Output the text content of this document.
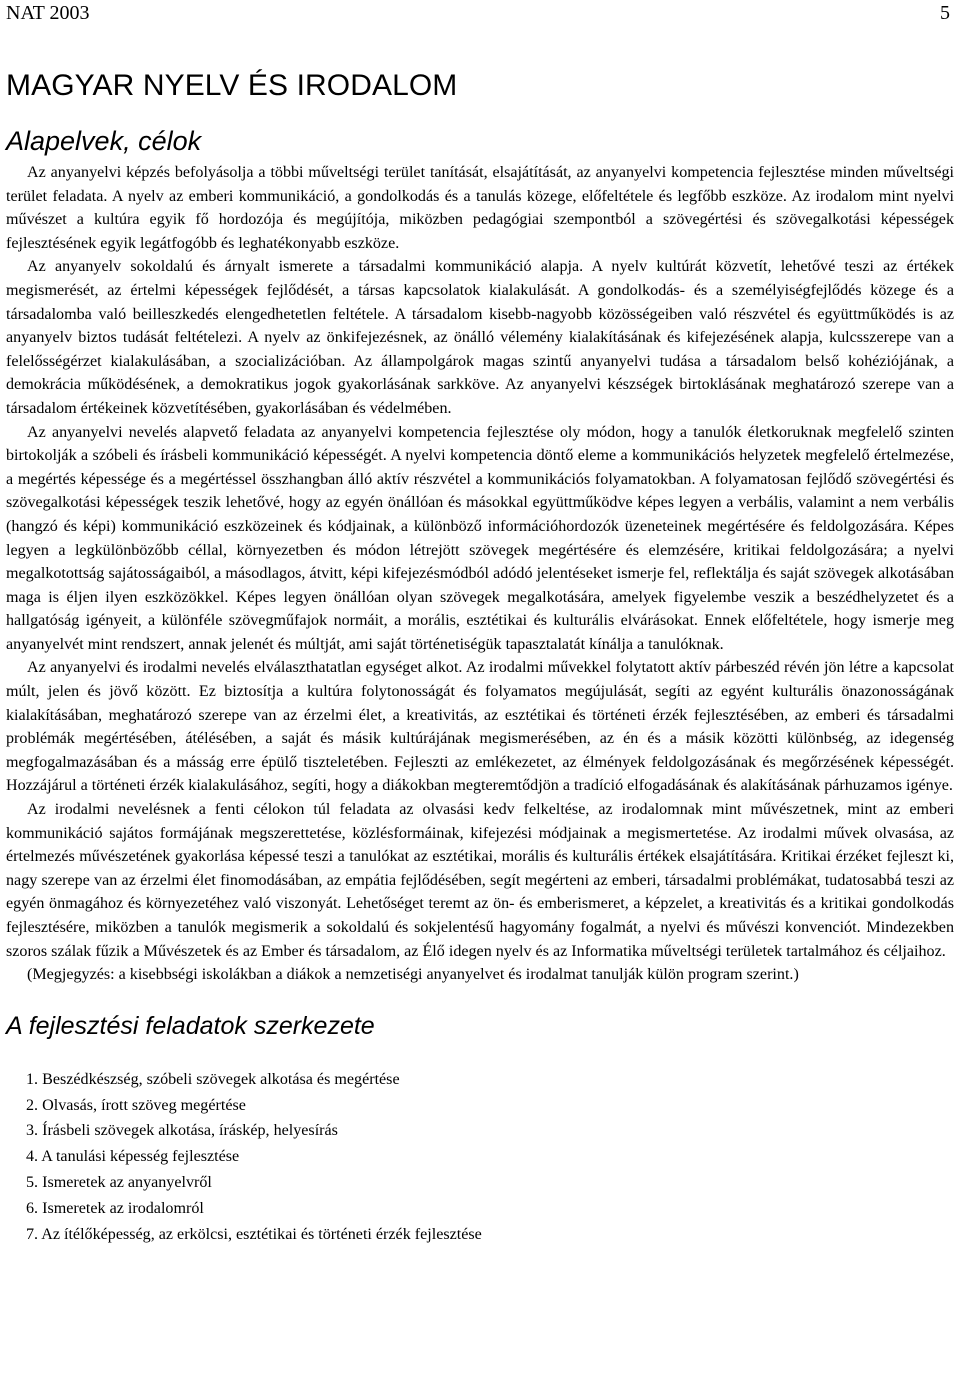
NAT 2003	5
MAGYAR NYELV ÉS IRODALOM
Alapelvek, célok

Az anyanyelvi képzés befolyásolja a többi műveltségi terület tanítását, elsajátítását, az anyanyelvi kompetencia fejlesztése minden műveltségi terület feladata. A nyelv az emberi kommunikáció, a gondolkodás és a tanulás közege, előfeltétele és legfőbb eszköze. Az irodalom mint nyelvi művészet a kultúra egyik fő hordozója és megújítója, miközben pedagógiai szempontból a szövegértési és szövegalkotási képességek fejlesztésének egyik legátfogóbb és leghatékonyabb eszköze.

Az anyanyelv sokoldalú és árnyalt ismerete a társadalmi kommunikáció alapja. A nyelv kultúrát közvetít, lehetővé teszi az értékek megismerését, az értelmi képességek fejlődését, a társas kapcsolatok kialakulását. A gondolkodás- és a személyiségfejlődés közege és a társadalomba való beilleszkedés elengedhetetlen feltétele. A társadalom kisebb-nagyobb közösségeiben való részvétel és együttműködés is az anyanyelv biztos tudását feltételezi. A nyelv az önkifejezésnek, az önálló vélemény kialakításának és kifejezésének alapja, kulcsszerepe van a felelősségérzet kialakulásában, a szocializációban. Az állampolgárok magas szintű anyanyelvi tudása a társadalom belső kohéziójának, a demokrácia működésének, a demokratikus jogok gyakorlásának sarkköve. Az anyanyelvi készségek birtoklásának meghatározó szerepe van a társadalom értékeinek közvetítésében, gyakorlásában és védelmében.

Az anyanyelvi nevelés alapvető feladata az anyanyelvi kompetencia fejlesztése oly módon, hogy a tanulók életkoruknak megfelelő szinten birtokolják a szóbeli és írásbeli kommunikáció képességét. A nyelvi kompetencia döntő eleme a kommunikációs helyzetek megfelelő értelmezése, a megértés képessége és a megértéssel összhangban álló aktív részvétel a kommunikációs folyamatokban. A folyamatosan fejlődő szövegértési és szövegalkotási képességek teszik lehetővé, hogy az egyén önállóan és másokkal együttműködve képes legyen a verbális, valamint a nem verbális (hangzó és képi) kommunikáció eszközeinek és kódjainak, a különböző információhordozók üzeneteinek megértésére és feldolgozására. Képes legyen a legkülönbözőbb céllal, környezetben és módon létrejött szövegek megértésére és elemzésére, kritikai feldolgozására; a nyelvi megalkotottság sajátosságaiból, a másodlagos, átvitt, képi kifejezésmódból adódó jelentéseket ismerje fel, reflektálja és saját szövegek alkotásában maga is éljen ilyen eszközökkel. Képes legyen önállóan olyan szövegek megalkotására, amelyek figyelembe veszik a beszédhelyzetet és a hallgatóság igényeit, a különféle szövegműfajok normáit, a morális, esztétikai és kulturális elvárásokat. Ennek előfeltétele, hogy ismerje meg anyanyelvét mint rendszert, annak jelenét és múltját, ami saját történetiségük tapasztalatát kínálja a tanulóknak.

Az anyanyelvi és irodalmi nevelés elválaszthatatlan egységet alkot. Az irodalmi művekkel folytatott aktív párbeszéd révén jön létre a kapcsolat múlt, jelen és jövő között. Ez biztosítja a kultúra folytonosságát és folyamatos megújulását, segíti az egyént kulturális önazonosságának kialakításában, meghatározó szerepe van az érzelmi élet, a kreativitás, az esztétikai és történeti érzék fejlesztésében, az emberi és társadalmi problémák megértésében, átélésében, a saját és másik kultúrájának megismerésében, az én és a másik közötti különbség, az idegenség megfogalmazásában és a másság erre épülő tiszteletében. Fejleszti az emlékezetet, az élmények feldolgozásának és megőrzésének képességét. Hozzájárul a történeti érzék kialakulásához, segíti, hogy a diákokban megteremtődjön a tradíció elfogadásának és alakításának párhuzamos igénye.

Az irodalmi nevelésnek a fenti célokon túl feladata az olvasási kedv felkeltése, az irodalomnak mint művészetnek, mint az emberi kommunikáció sajátos formájának megszerettetése, közlésformáinak, kifejezési módjainak a megismertetése. Az irodalmi művek olvasása, az értelmezés művészetének gyakorlása képessé teszi a tanulókat az esztétikai, morális és kulturális értékek elsajátítására. Kritikai érzéket fejleszt ki, nagy szerepe van az érzelmi élet finomodásában, az empátia fejlődésében, segít megérteni az emberi, társadalmi problémákat, tudatosabbá teszi az egyén önmagához és környezetéhez való viszonyát. Lehetőséget teremt az ön- és emberismeret, a képzelet, a kreativitás és a kritikai gondolkodás fejlesztésére, miközben a tanulók megismerik a sokoldalú és sokjelentésű hagyomány fogalmát, a nyelvi és művészi konvenciót. Mindezekben szoros szálak fűzik a Művészetek és az Ember és társadalom, az Élő idegen nyelv és az Informatika műveltségi területek tartalmához és céljaihoz.

(Megjegyzés: a kisebbségi iskolákban a diákok a nemzetiségi anyanyelvet és irodalmat tanulják külön program szerint.)

A fejlesztési feladatok szerkezete
1. Beszédkészség, szóbeli szövegek alkotása és megértése
2. Olvasás, írott szöveg megértése
3. Írásbeli szövegek alkotása, íráskép, helyesírás
4. A tanulási képesség fejlesztése
5. Ismeretek az anyanyelvről
6. Ismeretek az irodalomról
7. Az ítélőképesség, az erkölcsi, esztétikai és történeti érzék fejlesztése
